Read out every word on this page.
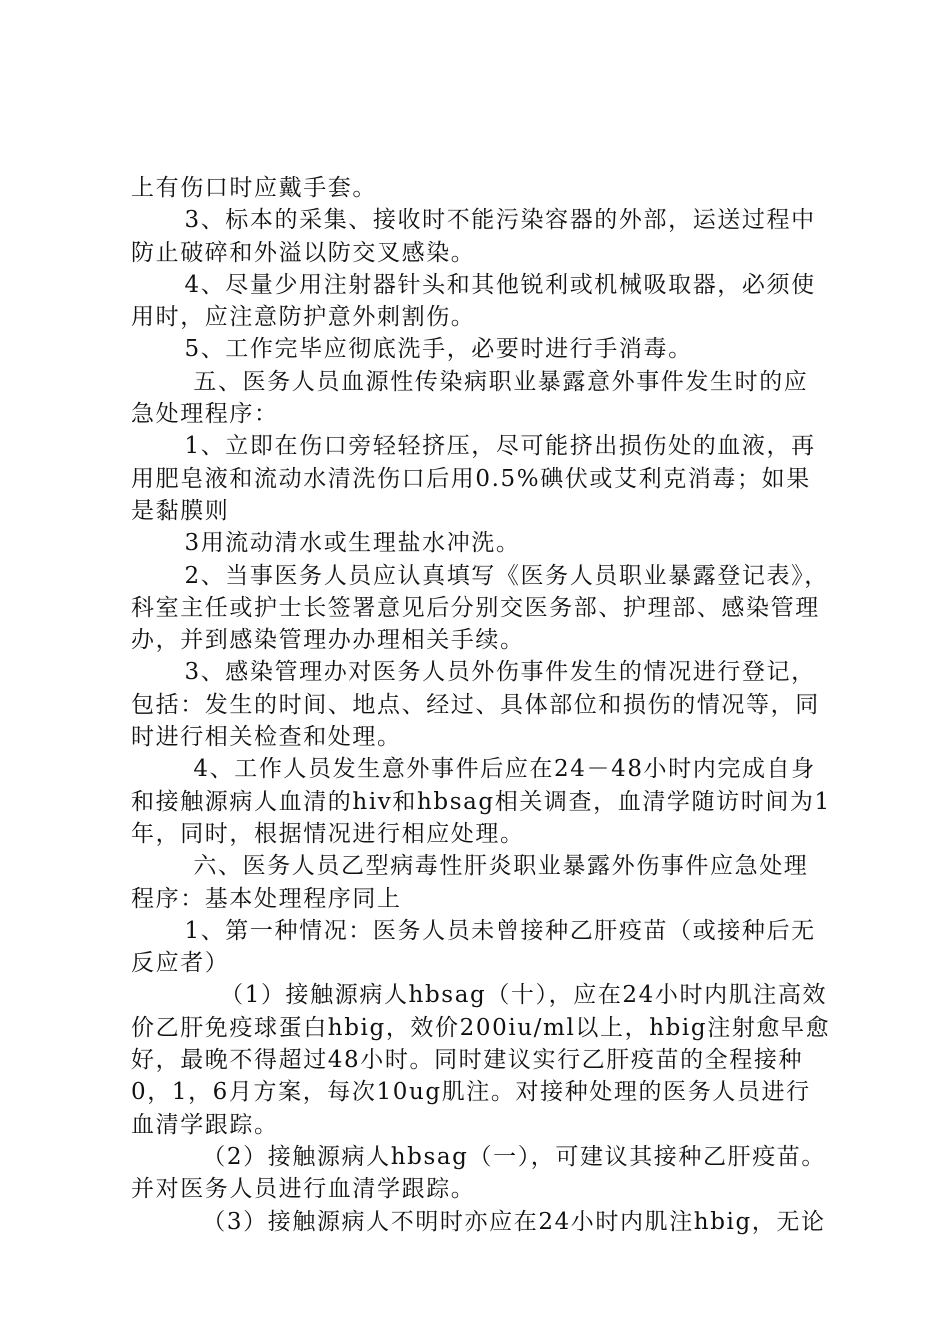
上有伤口时应戴手套。

3、标本的采集、接收时不能污染容器的外部，运送过程中防止破碎和外溢以防交叉感染。

4、尽量少用注射器针头和其他锐利或机械吸取器，必须使用时，应注意防护意外刺割伤。

5、工作完毕应彻底洗手，必要时进行手消毒。

五、医务人员血源性传染病职业暴露意外事件发生时的应急处理程序：

1、立即在伤口旁轻轻挤压，尽可能挤出损伤处的血液，再用肥皂液和流动水清洗伤口后用0.5%碘伏或艾利克消毒；如果是黏膜则

3用流动清水或生理盐水冲洗。

2、当事医务人员应认真填写《医务人员职业暴露登记表》，科室主任或护士长签署意见后分别交医务部、护理部、感染管理办，并到感染管理办办理相关手续。

3、感染管理办对医务人员外伤事件发生的情况进行登记，包括：发生的时间、地点、经过、具体部位和损伤的情况等，同时进行相关检查和处理。

4、工作人员发生意外事件后应在24－48小时内完成自身和接触源病人血清的hiv和hbsag相关调查，血清学随访时间为1年，同时，根据情况进行相应处理。

六、医务人员乙型病毒性肝炎职业暴露外伤事件应急处理程序：基本处理程序同上

1、第一种情况：医务人员未曾接种乙肝疫苗（或接种后无反应者）

（1）接触源病人hbsag（十），应在24小时内肌注高效价乙肝免疫球蛋白hbig，效价200iu/ml以上，hbig注射愈早愈好，最晚不得超过48小时。同时建议实行乙肝疫苗的全程接种0，1，6月方案，每次10ug肌注。对接种处理的医务人员进行血清学跟踪。

（2）接触源病人hbsag（一），可建议其接种乙肝疫苗。并对医务人员进行血清学跟踪。

（3）接触源病人不明时亦应在24小时内肌注hbig，无论
